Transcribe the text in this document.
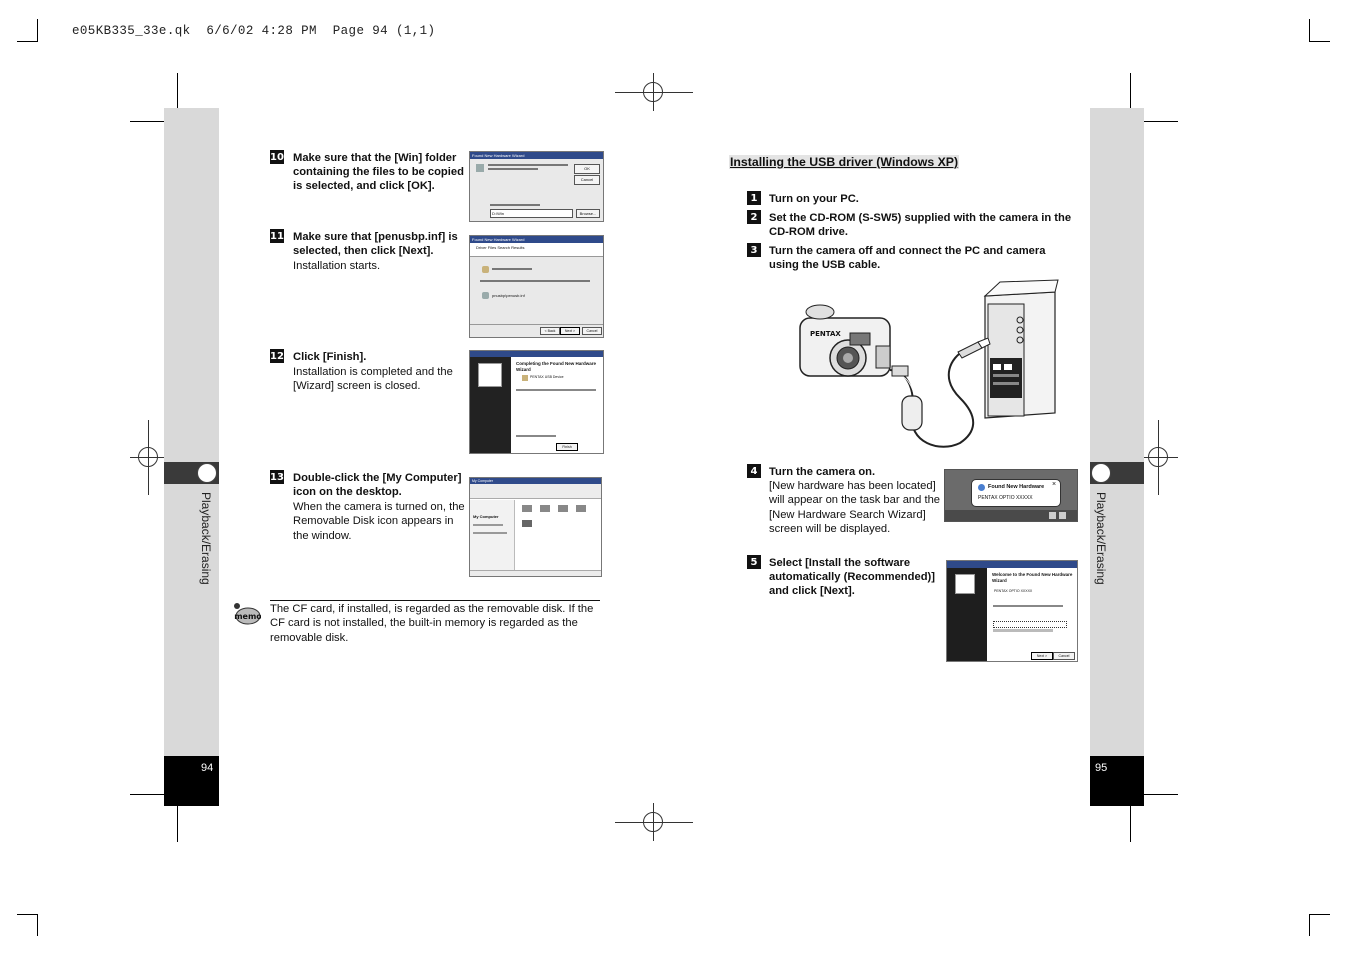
e05KB335_33e.qk  6/6/02 4:28 PM  Page 94 (1,1)
Playback/Erasing
94
Playback/Erasing
95
10 Make sure that the [Win] folder containing the files to be copied is selected, and click [OK].
Found New Hardware Wizard
OK
Cancel
D:\Win	Browse...
11 Make sure that [penusbp.inf] is selected, then click [Next].
Installation starts.
Found New Hardware Wizard
Driver Files Search Results
pnusbp\penusb.inf
< Back	Next >	Cancel
12 Click [Finish].
Installation is completed and the [Wizard] screen is closed.
Completing the Found New Hardware Wizard
PENTAX USB Device
Finish
13 Double-click the [My Computer] icon on the desktop.
When the camera is turned on, the Removable Disk icon appears in the window.
My Computer
My Computer
memo
The CF card, if installed, is regarded as the removable disk. If the CF card is not installed, the built-in memory is regarded as the removable disk.
Installing the USB driver (Windows XP)
1	Turn on your PC.
2	Set the CD-ROM (S-SW5) supplied with the camera in the CD-ROM drive.
3	Turn the camera off and connect the PC and camera using the USB cable.
PENTAX
4	Turn the camera on.
[New hardware has been located] will appear on the task bar and the [New Hardware Search Wizard] screen will be displayed.
Found New Hardware ×
PENTAX OPTIO XXXXX
5	Select [Install the software automatically (Recommended)] and click [Next].
Welcome to the Found New Hardware Wizard
PENTAX OPTIO XXXXX
Next >	Cancel
